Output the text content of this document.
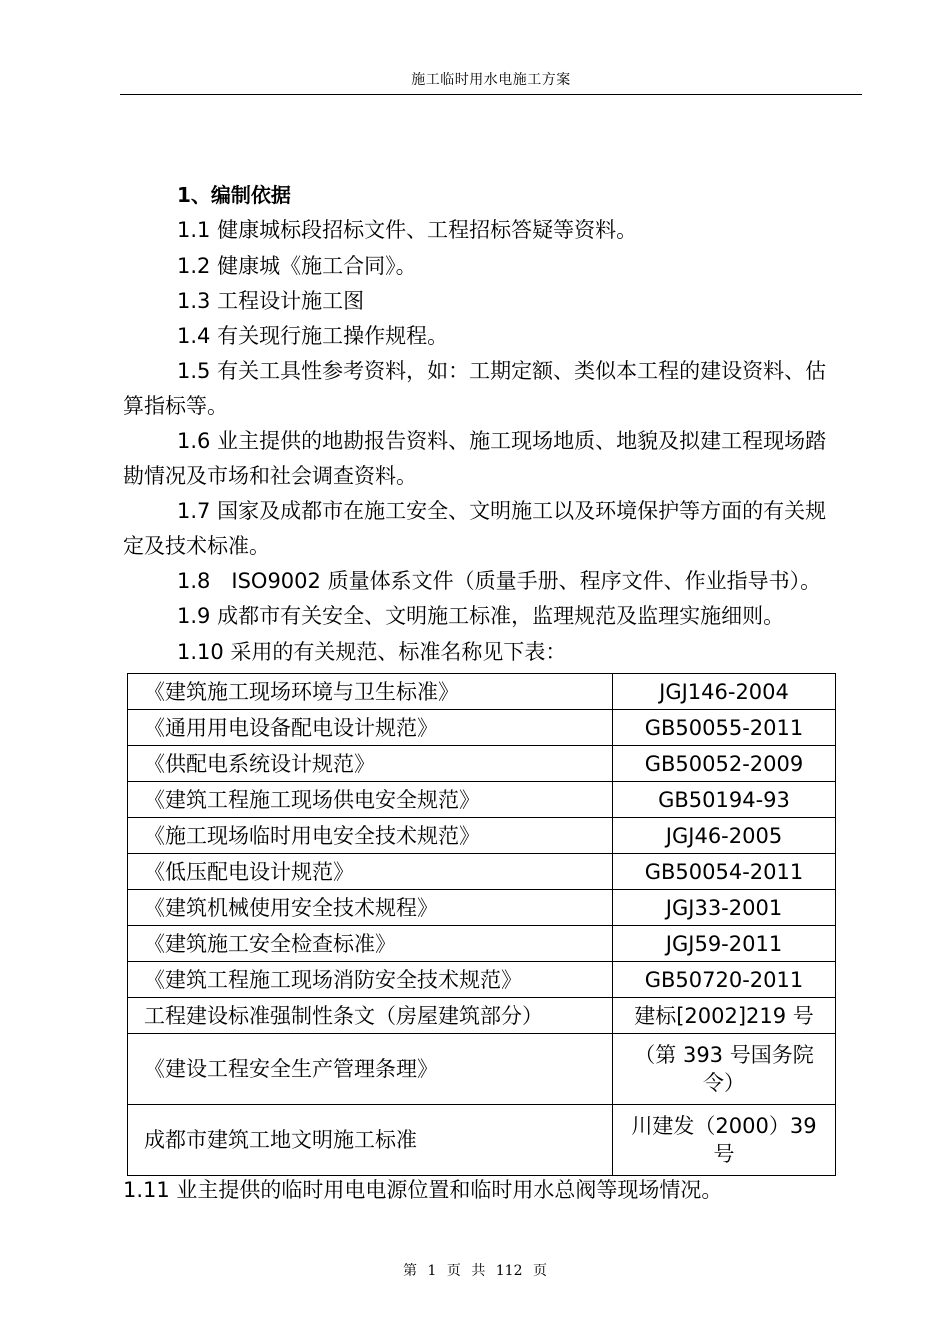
施工临时用水电施工方案
1、编制依据
1.1 健康城标段招标文件、工程招标答疑等资料。
1.2 健康城《施工合同》。
1.3 工程设计施工图
1.4 有关现行施工操作规程。
1.5 有关工具性参考资料，如：工期定额、类似本工程的建设资料、估
算指标等。
1.6 业主提供的地勘报告资料、施工现场地质、地貌及拟建工程现场踏
勘情况及市场和社会调查资料。
1.7 国家及成都市在施工安全、文明施工以及环境保护等方面的有关规
定及技术标准。
1.8　ISO9002 质量体系文件（质量手册、程序文件、作业指导书）。
1.9 成都市有关安全、文明施工标准，监理规范及监理实施细则。
1.10 采用的有关规范、标准名称见下表：
《建筑施工现场环境与卫生标准》	JGJ146-2004
《通用用电设备配电设计规范》	GB50055-2011
《供配电系统设计规范》	GB50052-2009
《建筑工程施工现场供电安全规范》	GB50194-93
《施工现场临时用电安全技术规范》	JGJ46-2005
《低压配电设计规范》	GB50054-2011
《建筑机械使用安全技术规程》	JGJ33-2001
《建筑施工安全检查标准》	JGJ59-2011
《建筑工程施工现场消防安全技术规范》	GB50720-2011
工程建设标准强制性条文（房屋建筑部分）	建标[2002]219 号
《建设工程安全生产管理条理》	（第 393 号国务院
令）

成都市建筑工地文明施工标准	川建发（2000）39
号
1.11 业主提供的临时用电电源位置和临时用水总阀等现场情况。
第 1 页 共 112 页
